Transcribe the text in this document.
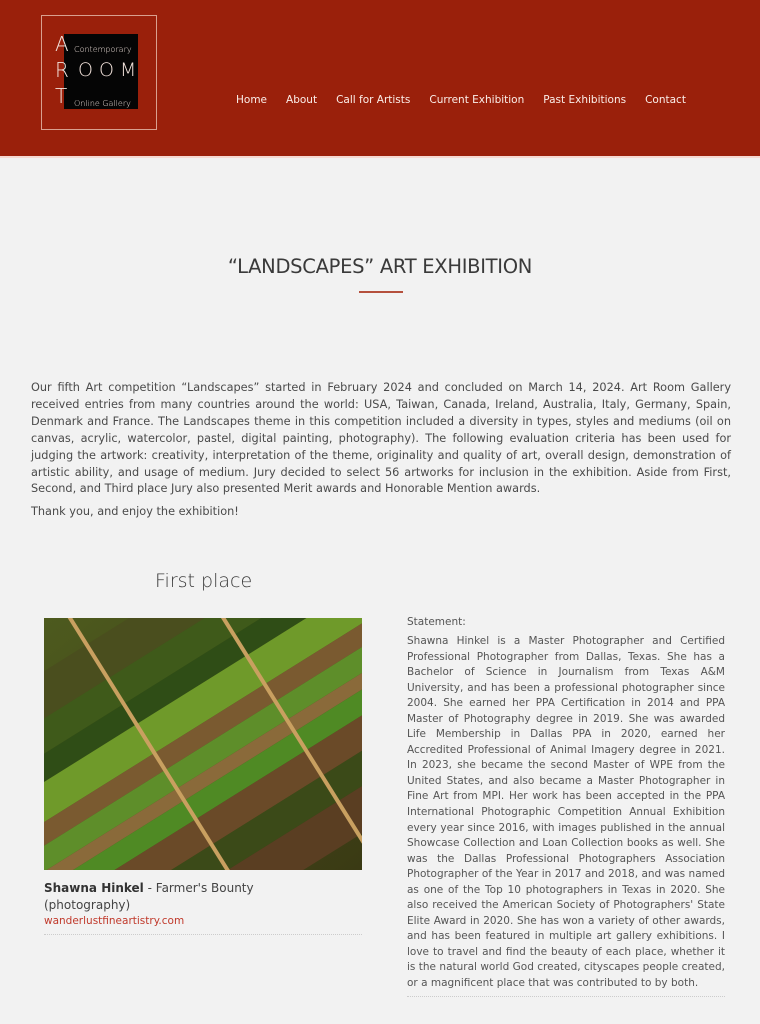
A
R
T
OOM
Contemporary
Online Gallery	Home About Call for Artists Current Exhibition Past Exhibitions Contact
“LANDSCAPES” ART EXHIBITION

Our fifth Art competition “Landscapes” started in February 2024 and concluded on March 14, 2024. Art Room Gallery received entries from many countries around the world: USA, Taiwan, Canada, Ireland, Australia, Italy, Germany, Spain, Denmark and France. The Landscapes theme in this competition included a diversity in types, styles and mediums (oil on canvas, acrylic, watercolor, pastel, digital painting, photography). The following evaluation criteria has been used for judging the artwork: creativity, interpretation of the theme, originality and quality of art, overall design, demonstration of artistic ability, and usage of medium. Jury decided to select 56 artworks for inclusion in the exhibition. Aside from First, Second, and Third place Jury also presented Merit awards and Honorable Mention awards.

Thank you, and enjoy the exhibition!

First place
Shawna Hinkel - Farmer's Bounty
(photography)
wanderlustfineartistry.com
Statement:

Shawna Hinkel is a Master Photographer and Certified Professional Photographer from Dallas, Texas. She has a Bachelor of Science in Journalism from Texas A&M University, and has been a professional photographer since 2004. She earned her PPA Certification in 2014 and PPA Master of Photography degree in 2019. She was awarded Life Membership in Dallas PPA in 2020, earned her Accredited Professional of Animal Imagery degree in 2021. In 2023, she became the second Master of WPE from the United States, and also became a Master Photographer in Fine Art from MPI. Her work has been accepted in the PPA International Photographic Competition Annual Exhibition every year since 2016, with images published in the annual Showcase Collection and Loan Collection books as well. She was the Dallas Professional Photographers Association Photographer of the Year in 2017 and 2018, and was named as one of the Top 10 photographers in Texas in 2020. She also received the American Society of Photographers' State Elite Award in 2020. She has won a variety of other awards, and has been featured in multiple art gallery exhibitions. I love to travel and find the beauty of each place, whether it is the natural world God created, cityscapes people created, or a magnificent place that was contributed to by both.
